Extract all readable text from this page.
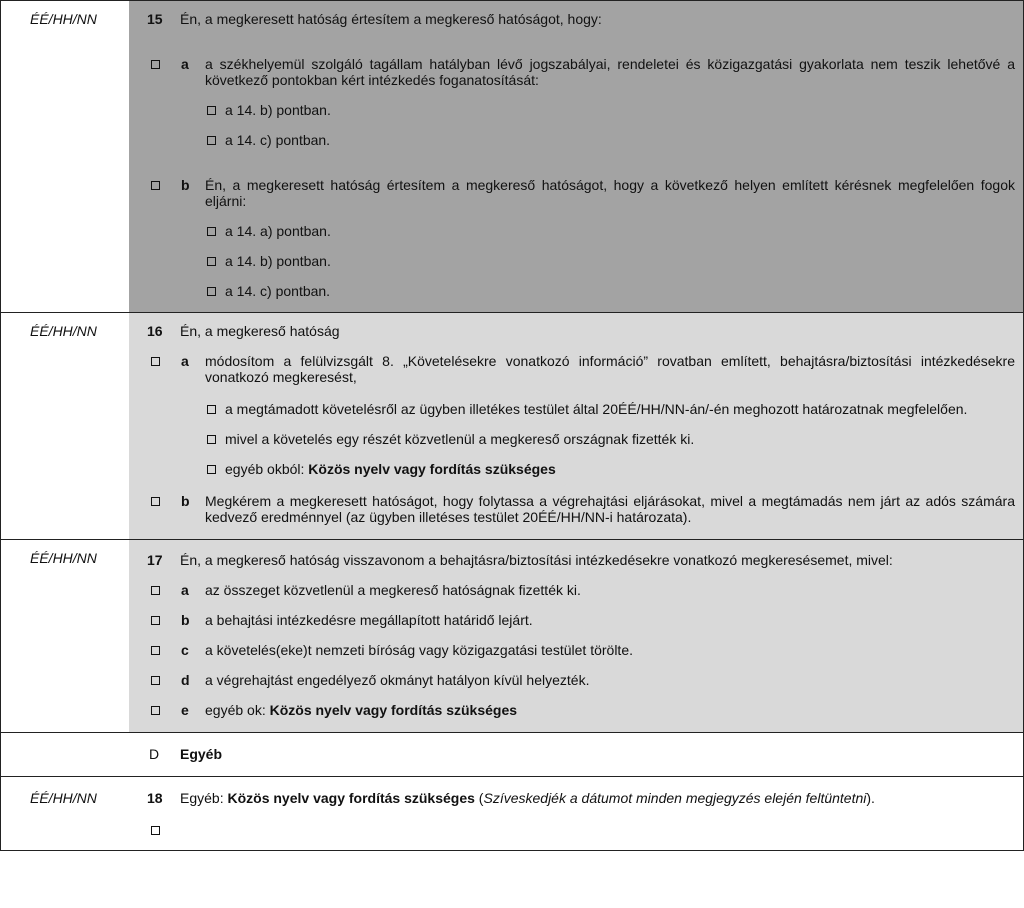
ÉÉ/HH/NN	15 Én, a megkeresett hatóság értesítem a megkereső hatóságot, hogy:
a a székhelyemül szolgáló tagállam hatályban lévő jogszabályai, rendeletei és közigazgatási gyakorlata nem teszik lehetővé a következő pontokban kért intézkedés foganatosítását:
a 14. b) pontban.
a 14. c) pontban.
b Én, a megkeresett hatóság értesítem a megkereső hatóságot, hogy a következő helyen említett kérésnek megfelelően fogok eljárni:
a 14. a) pontban.
a 14. b) pontban.
a 14. c) pontban.
ÉÉ/HH/NN	16 Én, a megkereső hatóság
a módosítom a felülvizsgált 8. „Követelésekre vonatkozó információ” rovatban említett, behajtásra/biztosítási intézkedésekre vonatkozó megkeresést,
a megtámadott követelésről az ügyben illetékes testület által 20ÉÉ/HH/NN-án/-én meghozott határozatnak megfelelően.
mivel a követelés egy részét közvetlenül a megkereső országnak fizették ki.
egyéb okból: Közös nyelv vagy fordítás szükséges
b Megkérem a megkeresett hatóságot, hogy folytassa a végrehajtási eljárásokat, mivel a megtámadás nem járt az adós számára kedvező eredménnyel (az ügyben illetéses testület 20ÉÉ/HH/NN-i határozata).
ÉÉ/HH/NN	17 Én, a megkereső hatóság visszavonom a behajtásra/biztosítási intézkedésekre vonatkozó megkeresésemet, mivel:
a az összeget közvetlenül a megkereső hatóságnak fizették ki.
b a behajtási intézkedésre megállapított határidő lejárt.
c a követelés(eke)t nemzeti bíróság vagy közigazgatási testület törölte.
d a végrehajtást engedélyező okmányt hatályon kívül helyezték.
e egyéb ok: Közös nyelv vagy fordítás szükséges
D Egyéb
ÉÉ/HH/NN	18 Egyéb: Közös nyelv vagy fordítás szükséges (Szíveskedjék a dátumot minden megjegyzés elején feltüntetni).
